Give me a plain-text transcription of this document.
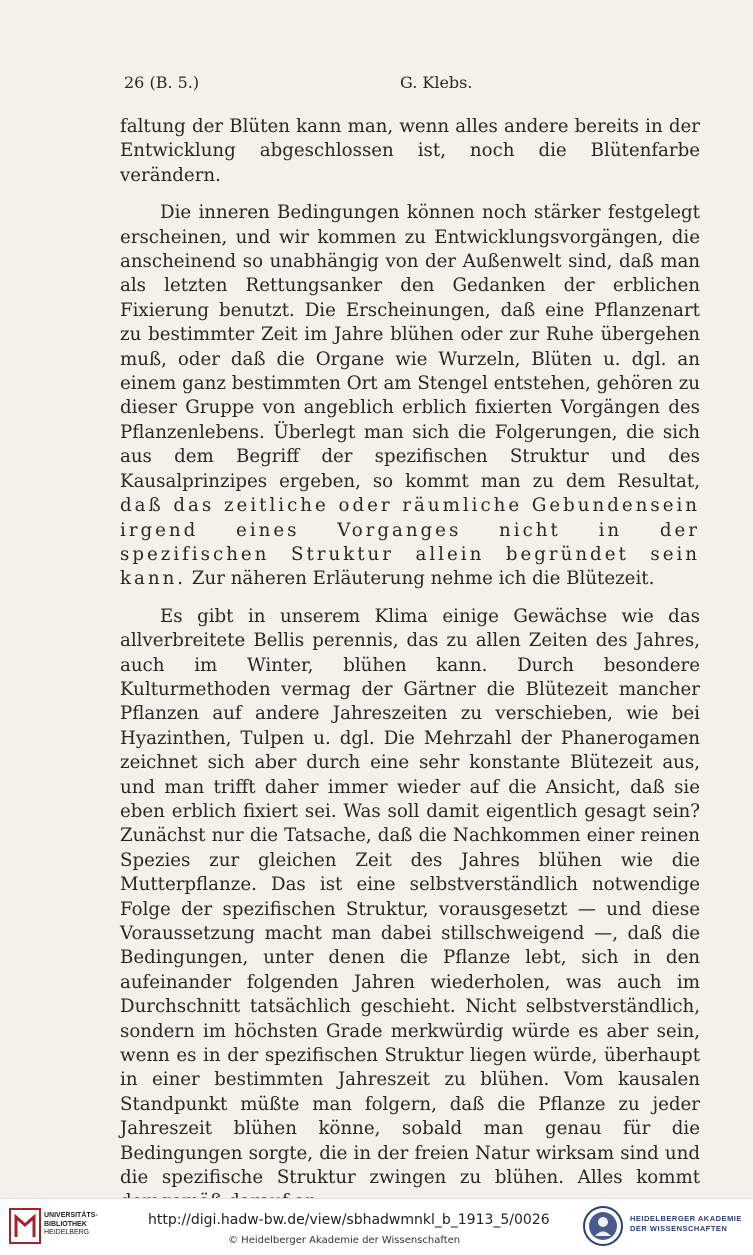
26 (B. 5.)	G. Klebs.

faltung der Blüten kann man, wenn alles andere bereits in der Entwicklung abgeschlossen ist, noch die Blütenfarbe verändern.

Die inneren Bedingungen können noch stärker festgelegt erscheinen, und wir kommen zu Entwicklungsvorgängen, die anscheinend so unabhängig von der Außenwelt sind, daß man als letzten Rettungsanker den Gedanken der erblichen Fixierung benutzt. Die Erscheinungen, daß eine Pflanzenart zu bestimmter Zeit im Jahre blühen oder zur Ruhe übergehen muß, oder daß die Organe wie Wurzeln, Blüten u. dgl. an einem ganz bestimmten Ort am Stengel entstehen, gehören zu dieser Gruppe von angeblich erblich fixierten Vorgängen des Pflanzenlebens. Überlegt man sich die Folgerungen, die sich aus dem Begriff der spezifischen Struktur und des Kausalprinzipes ergeben, so kommt man zu dem Resultat, daß das zeitliche oder räumliche Gebundensein irgend eines Vorganges nicht in der spezifischen Struktur allein begründet sein kann. Zur näheren Erläuterung nehme ich die Blütezeit.

Es gibt in unserem Klima einige Gewächse wie das allverbreitete Bellis perennis, das zu allen Zeiten des Jahres, auch im Winter, blühen kann. Durch besondere Kulturmethoden vermag der Gärtner die Blütezeit mancher Pflanzen auf andere Jahreszeiten zu verschieben, wie bei Hyazinthen, Tulpen u. dgl. Die Mehrzahl der Phanerogamen zeichnet sich aber durch eine sehr konstante Blütezeit aus, und man trifft daher immer wieder auf die Ansicht, daß sie eben erblich fixiert sei. Was soll damit eigentlich gesagt sein? Zunächst nur die Tatsache, daß die Nachkommen einer reinen Spezies zur gleichen Zeit des Jahres blühen wie die Mutterpflanze. Das ist eine selbstverständlich notwendige Folge der spezifischen Struktur, vorausgesetzt — und diese Voraussetzung macht man dabei stillschweigend —, daß die Bedingungen, unter denen die Pflanze lebt, sich in den aufeinander folgenden Jahren wiederholen, was auch im Durchschnitt tatsächlich geschieht. Nicht selbstverständlich, sondern im höchsten Grade merkwürdig würde es aber sein, wenn es in der spezifischen Struktur liegen würde, überhaupt in einer bestimmten Jahreszeit zu blühen. Vom kausalen Standpunkt müßte man folgern, daß die Pflanze zu jeder Jahreszeit blühen könne, sobald man genau für die Bedingungen sorgte, die in der freien Natur wirksam sind und die spezifische Struktur zwingen zu blühen. Alles kommt

UNIVERSITÄTS-
BIBLIOTHEK
HEIDELBERG
http://digi.hadw-bw.de/view/sbhadwmnkl_b_1913_5/0026
© Heidelberger Akademie der Wissenschaften
HEIDELBERGER AKADEMIE
DER WISSENSCHAFTEN
